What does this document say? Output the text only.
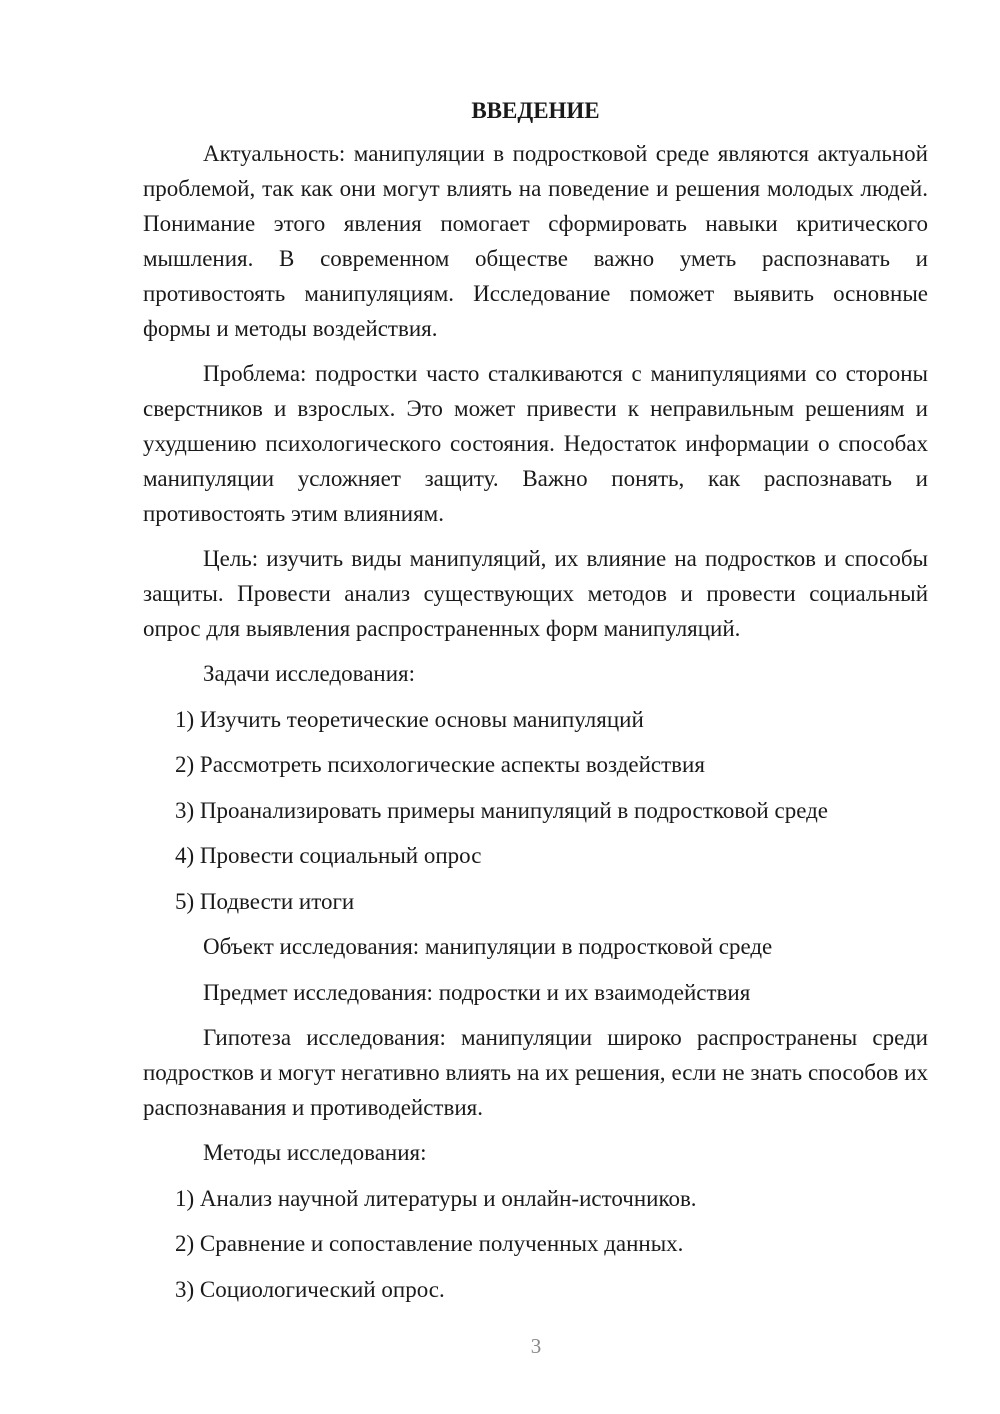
ВВЕДЕНИЕ

Актуальность: манипуляции в подростковой среде являются актуальной проблемой, так как они могут влиять на поведение и решения молодых людей. Понимание этого явления помогает сформировать навыки критического мышления. В современном обществе важно уметь распознавать и противостоять манипуляциям. Исследование поможет выявить основные формы и методы воздействия.

Проблема: подростки часто сталкиваются с манипуляциями со стороны сверстников и взрослых. Это может привести к неправильным решениям и ухудшению психологического состояния. Недостаток информации о способах манипуляции усложняет защиту. Важно понять, как распознавать и противостоять этим влияниям.

Цель: изучить виды манипуляций, их влияние на подростков и способы защиты. Провести анализ существующих методов и провести социальный опрос для выявления распространенных форм манипуляций.

Задачи исследования:

1) Изучить теоретические основы манипуляций

2) Рассмотреть психологические аспекты воздействия

3) Проанализировать примеры манипуляций в подростковой среде

4) Провести социальный опрос

5) Подвести итоги

Объект исследования: манипуляции в подростковой среде

Предмет исследования: подростки и их взаимодействия

Гипотеза исследования: манипуляции широко распространены среди подростков и могут негативно влиять на их решения, если не знать способов их распознавания и противодействия.

Методы исследования:

1) Анализ научной литературы и онлайн-источников.

2) Сравнение и сопоставление полученных данных.

3) Социологический опрос.

3
